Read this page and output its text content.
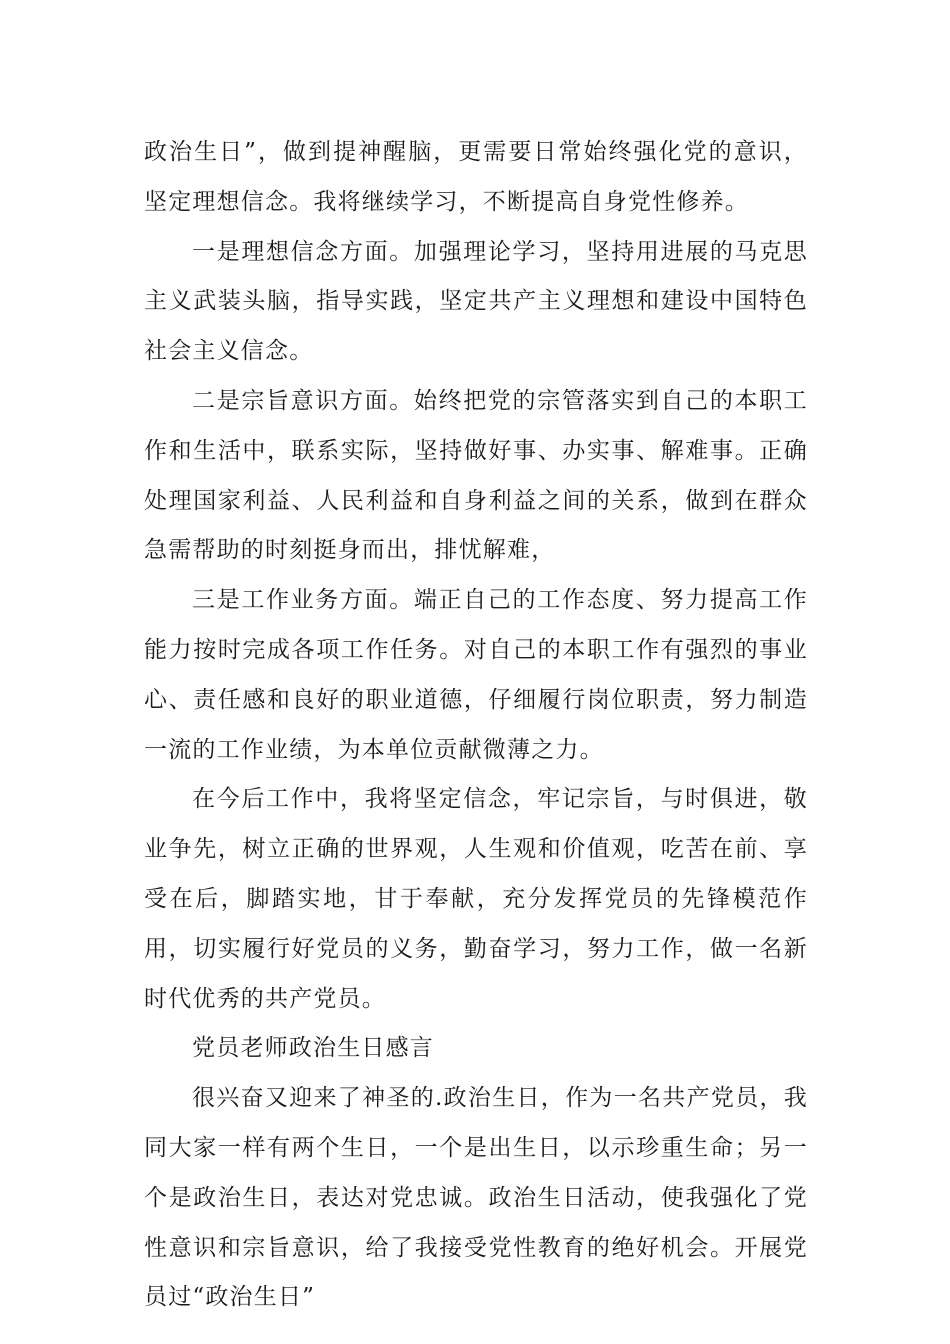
政治生日”，做到提神醒脑，更需要日常始终强化党的意识，坚定理想信念。我将继续学习，不断提高自身党性修养。

一是理想信念方面。加强理论学习，坚持用进展的马克思主义武装头脑，指导实践，坚定共产主义理想和建设中国特色社会主义信念。

二是宗旨意识方面。始终把党的宗管落实到自己的本职工作和生活中，联系实际，坚持做好事、办实事、解难事。正确处理国家利益、人民利益和自身利益之间的关系，做到在群众急需帮助的时刻挺身而出，排忧解难，

三是工作业务方面。端正自己的工作态度、努力提高工作能力按时完成各项工作任务。对自己的本职工作有强烈的事业心、责任感和良好的职业道德，仔细履行岗位职责，努力制造一流的工作业绩，为本单位贡献微薄之力。

在今后工作中，我将坚定信念，牢记宗旨，与时俱进，敬业争先，树立正确的世界观，人生观和价值观，吃苦在前、享受在后，脚踏实地，甘于奉献，充分发挥党员的先锋模范作用，切实履行好党员的义务，勤奋学习，努力工作，做一名新时代优秀的共产党员。

党员老师政治生日感言

很兴奋又迎来了神圣的.政治生日，作为一名共产党员，我同大家一样有两个生日，一个是出生日，以示珍重生命；另一个是政治生日，表达对党忠诚。政治生日活动，使我强化了党性意识和宗旨意识，给了我接受党性教育的绝好机会。开展党员过“政治生日”
